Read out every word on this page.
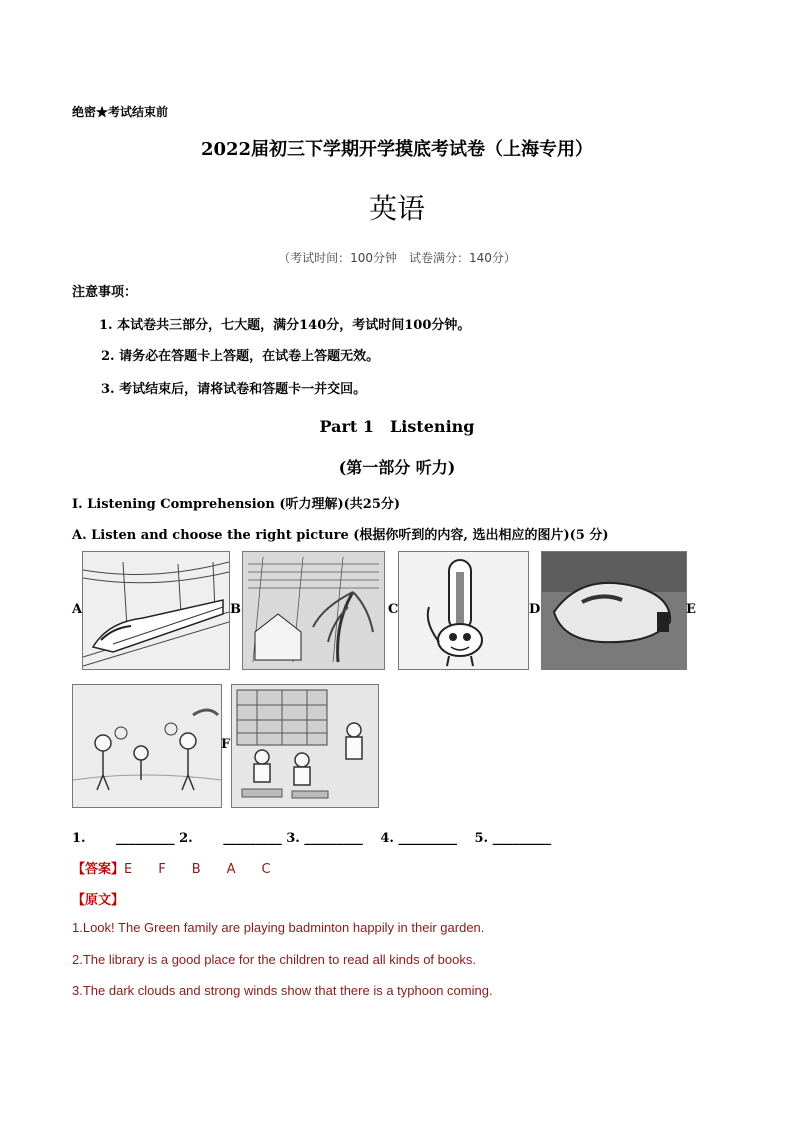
绝密★考试结束前
2022届初三下学期开学摸底考试卷（上海专用）
英语
（考试时间：100分钟　试卷满分：140分）
注意事项：
1. 本试卷共三部分，七大题，满分140分，考试时间100分钟。
2. 请务必在答题卡上答题，在试卷上答题无效。
3. 考试结束后，请将试卷和答题卡一并交回。
Part 1　Listening
(第一部分 听力)
I. Listening Comprehension (听力理解)(共25分)
A. Listen and choose the right picture (根据你听到的内容, 选出相应的图片)(5 分)
A	B	C	D	E
F
1. 　　_________ 2. 　　_________ 3. _________ 　4. _________ 　5. _________
【答案】E F B A C
【原文】
1.Look! The Green family are playing badminton happily in their garden.
2.The library is a good place for the children to read all kinds of books.
3.The dark clouds and strong winds show that there is a typhoon coming.
